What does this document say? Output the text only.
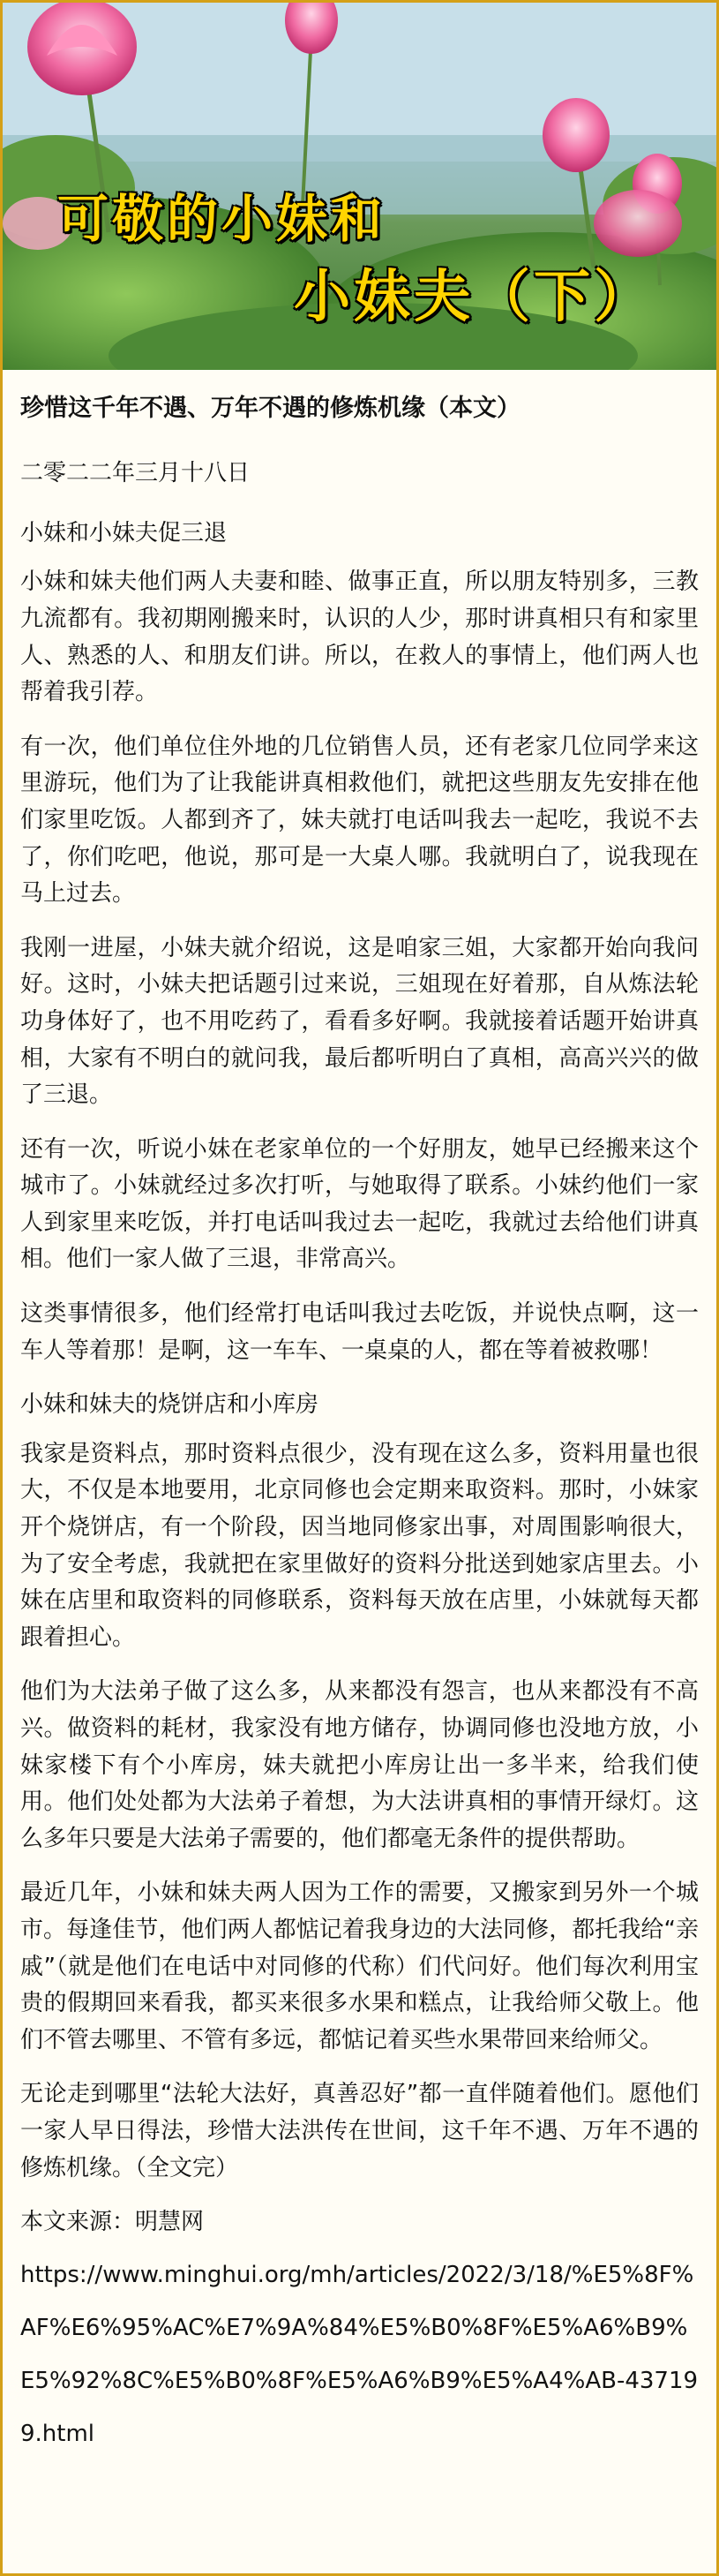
可敬的小妹和
小妹夫（下）

珍惜这千年不遇、万年不遇的修炼机缘（本文）

二零二二年三月十八日

小妹和小妹夫促三退

小妹和妹夫他们两人夫妻和睦、做事正直，所以朋友特别多，三教九流都有。我初期刚搬来时，认识的人少，那时讲真相只有和家里人、熟悉的人、和朋友们讲。所以，在救人的事情上，他们两人也帮着我引荐。

有一次，他们单位住外地的几位销售人员，还有老家几位同学来这里游玩，他们为了让我能讲真相救他们，就把这些朋友先安排在他们家里吃饭。人都到齐了，妹夫就打电话叫我去一起吃，我说不去了，你们吃吧，他说，那可是一大桌人哪。我就明白了，说我现在马上过去。

我刚一进屋，小妹夫就介绍说，这是咱家三姐，大家都开始向我问好。这时，小妹夫把话题引过来说，三姐现在好着那，自从炼法轮功身体好了，也不用吃药了，看看多好啊。我就接着话题开始讲真相，大家有不明白的就问我，最后都听明白了真相，高高兴兴的做了三退。

还有一次，听说小妹在老家单位的一个好朋友，她早已经搬来这个城市了。小妹就经过多次打听，与她取得了联系。小妹约他们一家人到家里来吃饭，并打电话叫我过去一起吃，我就过去给他们讲真相。他们一家人做了三退，非常高兴。

这类事情很多，他们经常打电话叫我过去吃饭，并说快点啊，这一车人等着那！是啊，这一车车、一桌桌的人，都在等着被救哪！

小妹和妹夫的烧饼店和小库房

我家是资料点，那时资料点很少，没有现在这么多，资料用量也很大，不仅是本地要用，北京同修也会定期来取资料。那时，小妹家开个烧饼店，有一个阶段，因当地同修家出事，对周围影响很大，为了安全考虑，我就把在家里做好的资料分批送到她家店里去。小妹在店里和取资料的同修联系，资料每天放在店里，小妹就每天都跟着担心。

他们为大法弟子做了这么多，从来都没有怨言，也从来都没有不高兴。做资料的耗材，我家没有地方储存，协调同修也没地方放，小妹家楼下有个小库房，妹夫就把小库房让出一多半来，给我们使用。他们处处都为大法弟子着想，为大法讲真相的事情开绿灯。这么多年只要是大法弟子需要的，他们都毫无条件的提供帮助。

最近几年，小妹和妹夫两人因为工作的需要，又搬家到另外一个城市。每逢佳节，他们两人都惦记着我身边的大法同修，都托我给“亲戚”（就是他们在电话中对同修的代称）们代问好。他们每次利用宝贵的假期回来看我，都买来很多水果和糕点，让我给师父敬上。他们不管去哪里、不管有多远，都惦记着买些水果带回来给师父。

无论走到哪里“法轮大法好，真善忍好”都一直伴随着他们。愿他们一家人早日得法，珍惜大法洪传在世间，这千年不遇、万年不遇的修炼机缘。（全文完）

本文来源：明慧网

https://www.minghui.org/mh/articles/2022/3/18/%E5%8F%AF%E6%95%AC%E7%9A%84%E5%B0%8F%E5%A6%B9%E5%92%8C%E5%B0%8F%E5%A6%B9%E5%A4%AB-437199.html
